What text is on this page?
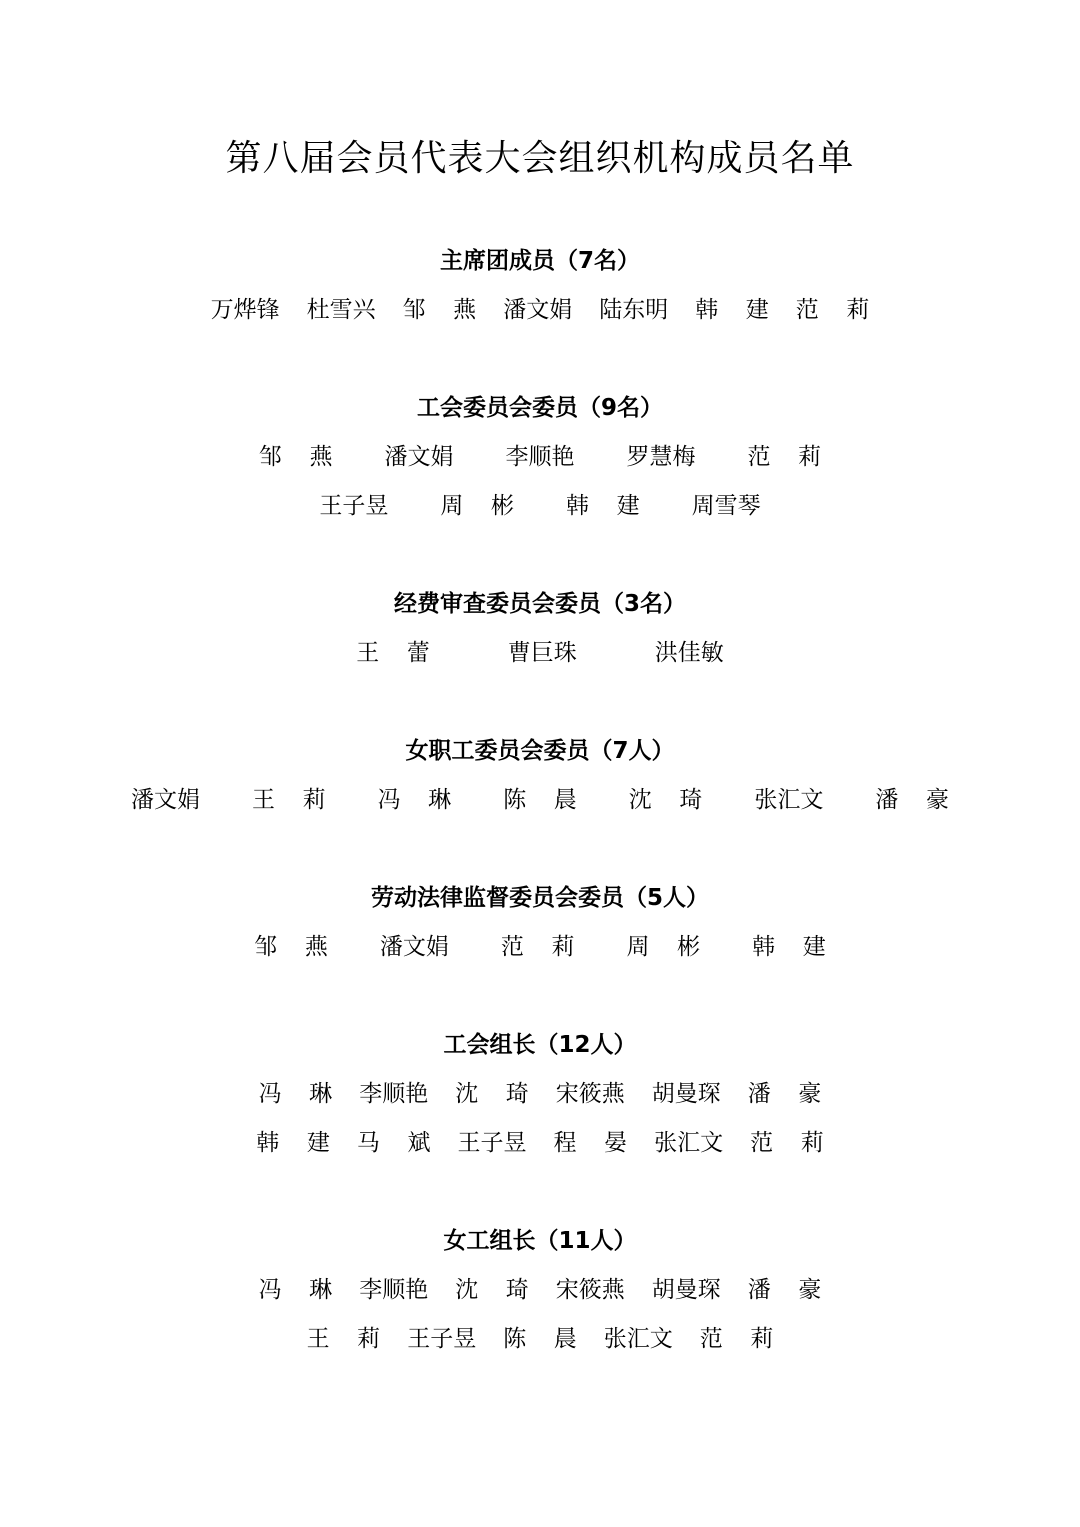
第八届会员代表大会组织机构成员名单
主席团成员（7名）
万烨锋 杜雪兴 邹燕潘文娟 陆东明 韩建范莉
工会委员会委员（9名）
邹燕 潘文娟 李顺艳 罗慧梅 范莉
王子昱 周彬 韩建 周雪琴
经费审查委员会委员（3名）
王蕾 曹巨珠	洪佳敏
女职工委员会委员（7人）
潘文娟 王莉 冯琳 陈晨 沈琦 张汇文 潘豪
劳动法律监督委员会委员（5人）
邹燕 潘文娟 范莉 周彬 韩建
工会组长（12人）
冯琳李顺艳 沈琦宋筱燕 胡曼琛 潘豪
韩建马斌王子昱 程晏张汇文 范莉
女工组长（11人）
冯琳李顺艳 沈琦宋筱燕 胡曼琛 潘豪
王莉王子昱 陈晨张汇文 范莉
